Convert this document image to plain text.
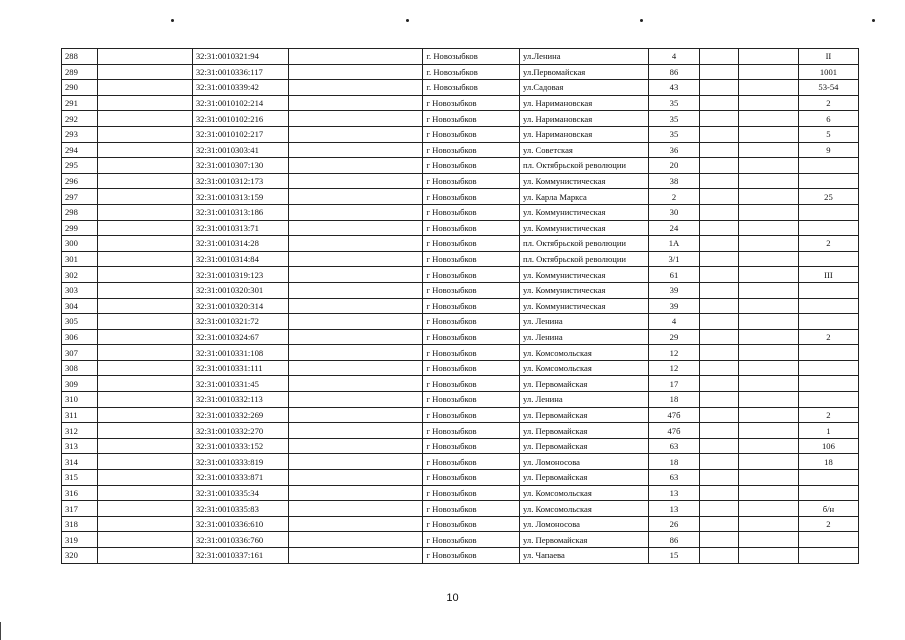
288		32:31:0010321:94		г. Новозыбков	ул.Ленина	4			II
289		32:31:0010336:117		г. Новозыбков	ул.Первомайская	86			1001
290		32:31:0010339:42		г. Новозыбков	ул.Садовая	43			53-54
291		32:31:0010102:214		г Новозыбков	ул. Наримановская	35			2
292		32:31:0010102:216		г Новозыбков	ул. Наримановская	35			6
293		32:31:0010102:217		г Новозыбков	ул. Наримановская	35			5
294		32:31:0010303:41		г Новозыбков	ул. Советская	36			9
295		32:31:0010307:130		г Новозыбков	пл. Октябрьской революции	20			
296		32:31:0010312:173		г Новозыбков	ул. Коммунистическая	38			
297		32:31:0010313:159		г Новозыбков	ул. Карла Маркса	2			25
298		32:31:0010313:186		г Новозыбков	ул. Коммунистическая	30			
299		32:31:0010313:71		г Новозыбков	ул. Коммунистическая	24			
300		32:31:0010314:28		г Новозыбков	пл. Октябрьской революции	1А			2
301		32:31:0010314:84		г Новозыбков	пл. Октябрьской революции	3/1			
302		32:31:0010319:123		г Новозыбков	ул. Коммунистическая	61			III
303		32:31:0010320:301		г Новозыбков	ул. Коммунистическая	39			
304		32:31:0010320:314		г Новозыбков	ул. Коммунистическая	39			
305		32:31:0010321:72		г Новозыбков	ул. Ленина	4			
306		32:31:0010324:67		г Новозыбков	ул. Ленина	29			2
307		32:31:0010331:108		г Новозыбков	ул. Комсомольская	12			
308		32:31:0010331:111		г Новозыбков	ул. Комсомольская	12			
309		32:31:0010331:45		г Новозыбков	ул. Первомайская	17			
310		32:31:0010332:113		г Новозыбков	ул. Ленина	18			
311		32:31:0010332:269		г Новозыбков	ул. Первомайская	47б			2
312		32:31:0010332:270		г Новозыбков	ул. Первомайская	47б			1
313		32:31:0010333:152		г Новозыбков	ул. Первомайская	63			106
314		32:31:0010333:819		г Новозыбков	ул. Ломоносова	18			18
315		32:31:0010333:871		г Новозыбков	ул. Первомайская	63			
316		32:31:0010335:34		г Новозыбков	ул. Комсомольская	13			
317		32:31:0010335:83		г Новозыбков	ул. Комсомольская	13			б/н
318		32:31:0010336:610		г Новозыбков	ул. Ломоносова	26			2
319		32:31:0010336:760		г Новозыбков	ул. Первомайская	86			
320		32:31:0010337:161		г Новозыбков	ул. Чапаева	15			
10
